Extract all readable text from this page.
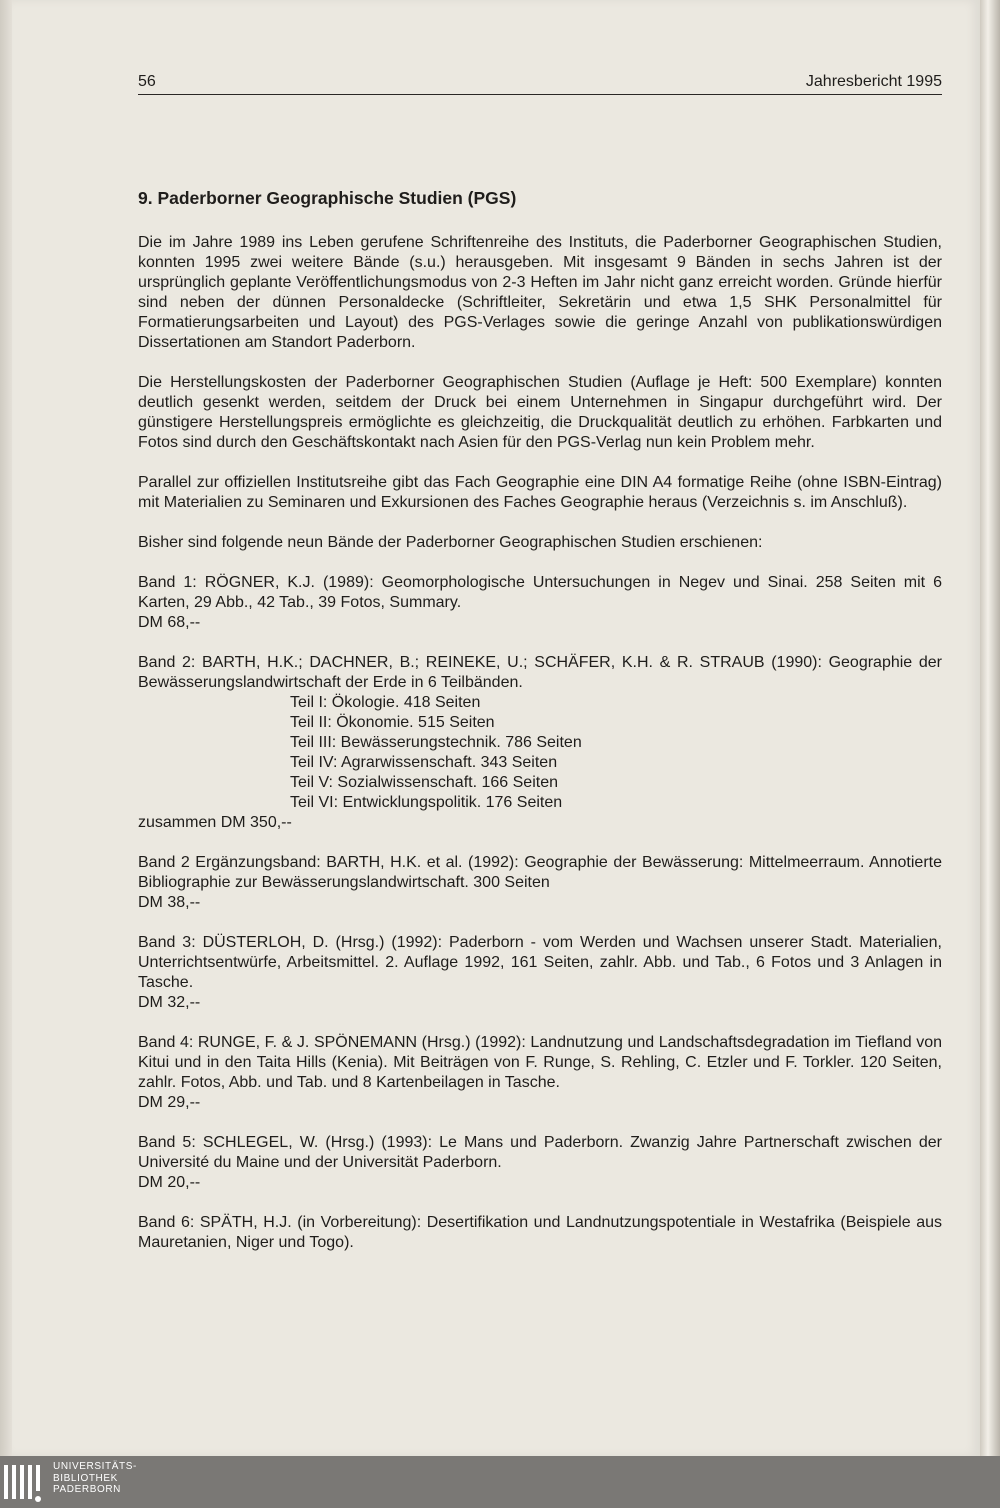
56	Jahresbericht 1995
9. Paderborner Geographische Studien (PGS)

Die im Jahre 1989 ins Leben gerufene Schriftenreihe des Instituts, die Paderborner Geographischen Studien, konnten 1995 zwei weitere Bände (s.u.) herausgeben. Mit insgesamt 9 Bänden in sechs Jahren ist der ursprünglich geplante Veröffentlichungsmodus von 2-3 Heften im Jahr nicht ganz erreicht worden. Gründe hierfür sind neben der dünnen Personaldecke (Schriftleiter, Sekretärin und etwa 1,5 SHK Personalmittel für Formatierungsarbeiten und Layout) des PGS-Verlages sowie die geringe Anzahl von publikationswürdigen Dissertationen am Standort Paderborn.

Die Herstellungskosten der Paderborner Geographischen Studien (Auflage je Heft: 500 Exemplare) konnten deutlich gesenkt werden, seitdem der Druck bei einem Unternehmen in Singapur durchgeführt wird. Der günstigere Herstellungspreis ermöglichte es gleichzeitig, die Druckqualität deutlich zu erhöhen. Farbkarten und Fotos sind durch den Geschäftskontakt nach Asien für den PGS-Verlag nun kein Problem mehr.

Parallel zur offiziellen Institutsreihe gibt das Fach Geographie eine DIN A4 formatige Reihe (ohne ISBN-Eintrag) mit Materialien zu Seminaren und Exkursionen des Faches Geographie heraus (Verzeichnis s. im Anschluß).

Bisher sind folgende neun Bände der Paderborner Geographischen Studien erschienen:

Band 1: RÖGNER, K.J. (1989): Geomorphologische Untersuchungen in Negev und Sinai. 258 Seiten mit 6 Karten, 29 Abb., 42 Tab., 39 Fotos, Summary.
DM 68,--
Band 2: BARTH, H.K.; DACHNER, B.; REINEKE, U.; SCHÄFER, K.H. & R. STRAUB (1990): Geographie der Bewässerungslandwirtschaft der Erde in 6 Teilbänden.
Teil I: Ökologie. 418 Seiten
Teil II: Ökonomie. 515 Seiten
Teil III: Bewässerungstechnik. 786 Seiten
Teil IV: Agrarwissenschaft. 343 Seiten
Teil V: Sozialwissenschaft. 166 Seiten
Teil VI: Entwicklungspolitik. 176 Seiten
zusammen DM 350,--
Band 2 Ergänzungsband: BARTH, H.K. et al. (1992): Geographie der Bewässerung: Mittelmeerraum. Annotierte Bibliographie zur Bewässerungslandwirtschaft. 300 Seiten
DM 38,--
Band 3: DÜSTERLOH, D. (Hrsg.) (1992): Paderborn - vom Werden und Wachsen unserer Stadt. Materialien, Unterrichtsentwürfe, Arbeitsmittel. 2. Auflage 1992, 161 Seiten, zahlr. Abb. und Tab., 6 Fotos und 3 Anlagen in Tasche.
DM 32,--
Band 4: RUNGE, F. & J. SPÖNEMANN (Hrsg.) (1992): Landnutzung und Landschaftsdegradation im Tiefland von Kitui und in den Taita Hills (Kenia). Mit Beiträgen von F. Runge, S. Rehling, C. Etzler und F. Torkler. 120 Seiten, zahlr. Fotos, Abb. und Tab. und 8 Kartenbeilagen in Tasche.
DM 29,--
Band 5: SCHLEGEL, W. (Hrsg.) (1993): Le Mans und Paderborn. Zwanzig Jahre Partnerschaft zwischen der Université du Maine und der Universität Paderborn.
DM 20,--
Band 6: SPÄTH, H.J. (in Vorbereitung): Desertifikation und Landnutzungspotentiale in Westafrika (Beispiele aus Mauretanien, Niger und Togo).
UNIVERSITÄTS-
BIBLIOTHEK
PADERBORN
